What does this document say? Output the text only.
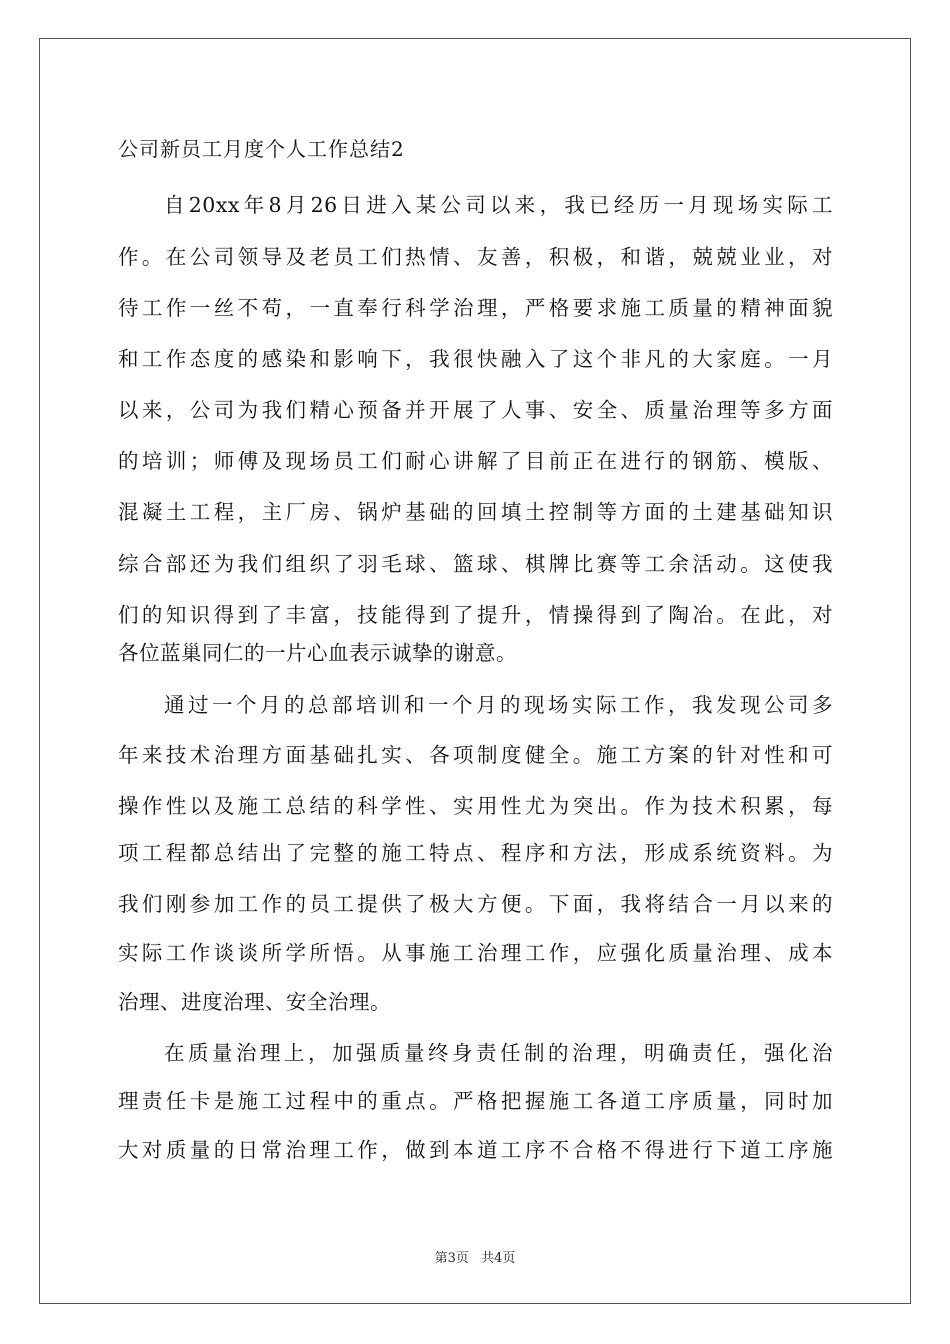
公司新员工月度个人工作总结2
自20xx年8月26日进入某公司以来，我已经历一月现场实际工
作。在公司领导及老员工们热情、友善，积极，和谐，兢兢业业，对
待工作一丝不苟，一直奉行科学治理，严格要求施工质量的精神面貌
和工作态度的感染和影响下，我很快融入了这个非凡的大家庭。一月
以来，公司为我们精心预备并开展了人事、安全、质量治理等多方面
的培训；师傅及现场员工们耐心讲解了目前正在进行的钢筋、模版、
混凝土工程，主厂房、锅炉基础的回填土控制等方面的土建基础知识
综合部还为我们组织了羽毛球、篮球、棋牌比赛等工余活动。这使我
们的知识得到了丰富，技能得到了提升，情操得到了陶冶。在此，对
各位蓝巢同仁的一片心血表示诚挚的谢意。
通过一个月的总部培训和一个月的现场实际工作，我发现公司多
年来技术治理方面基础扎实、各项制度健全。施工方案的针对性和可
操作性以及施工总结的科学性、实用性尤为突出。作为技术积累，每
项工程都总结出了完整的施工特点、程序和方法，形成系统资料。为
我们刚参加工作的员工提供了极大方便。下面，我将结合一月以来的
实际工作谈谈所学所悟。从事施工治理工作，应强化质量治理、成本
治理、进度治理、安全治理。
在质量治理上，加强质量终身责任制的治理，明确责任，强化治
理责任卡是施工过程中的重点。严格把握施工各道工序质量，同时加
大对质量的日常治理工作，做到本道工序不合格不得进行下道工序施
第3页 共4页
